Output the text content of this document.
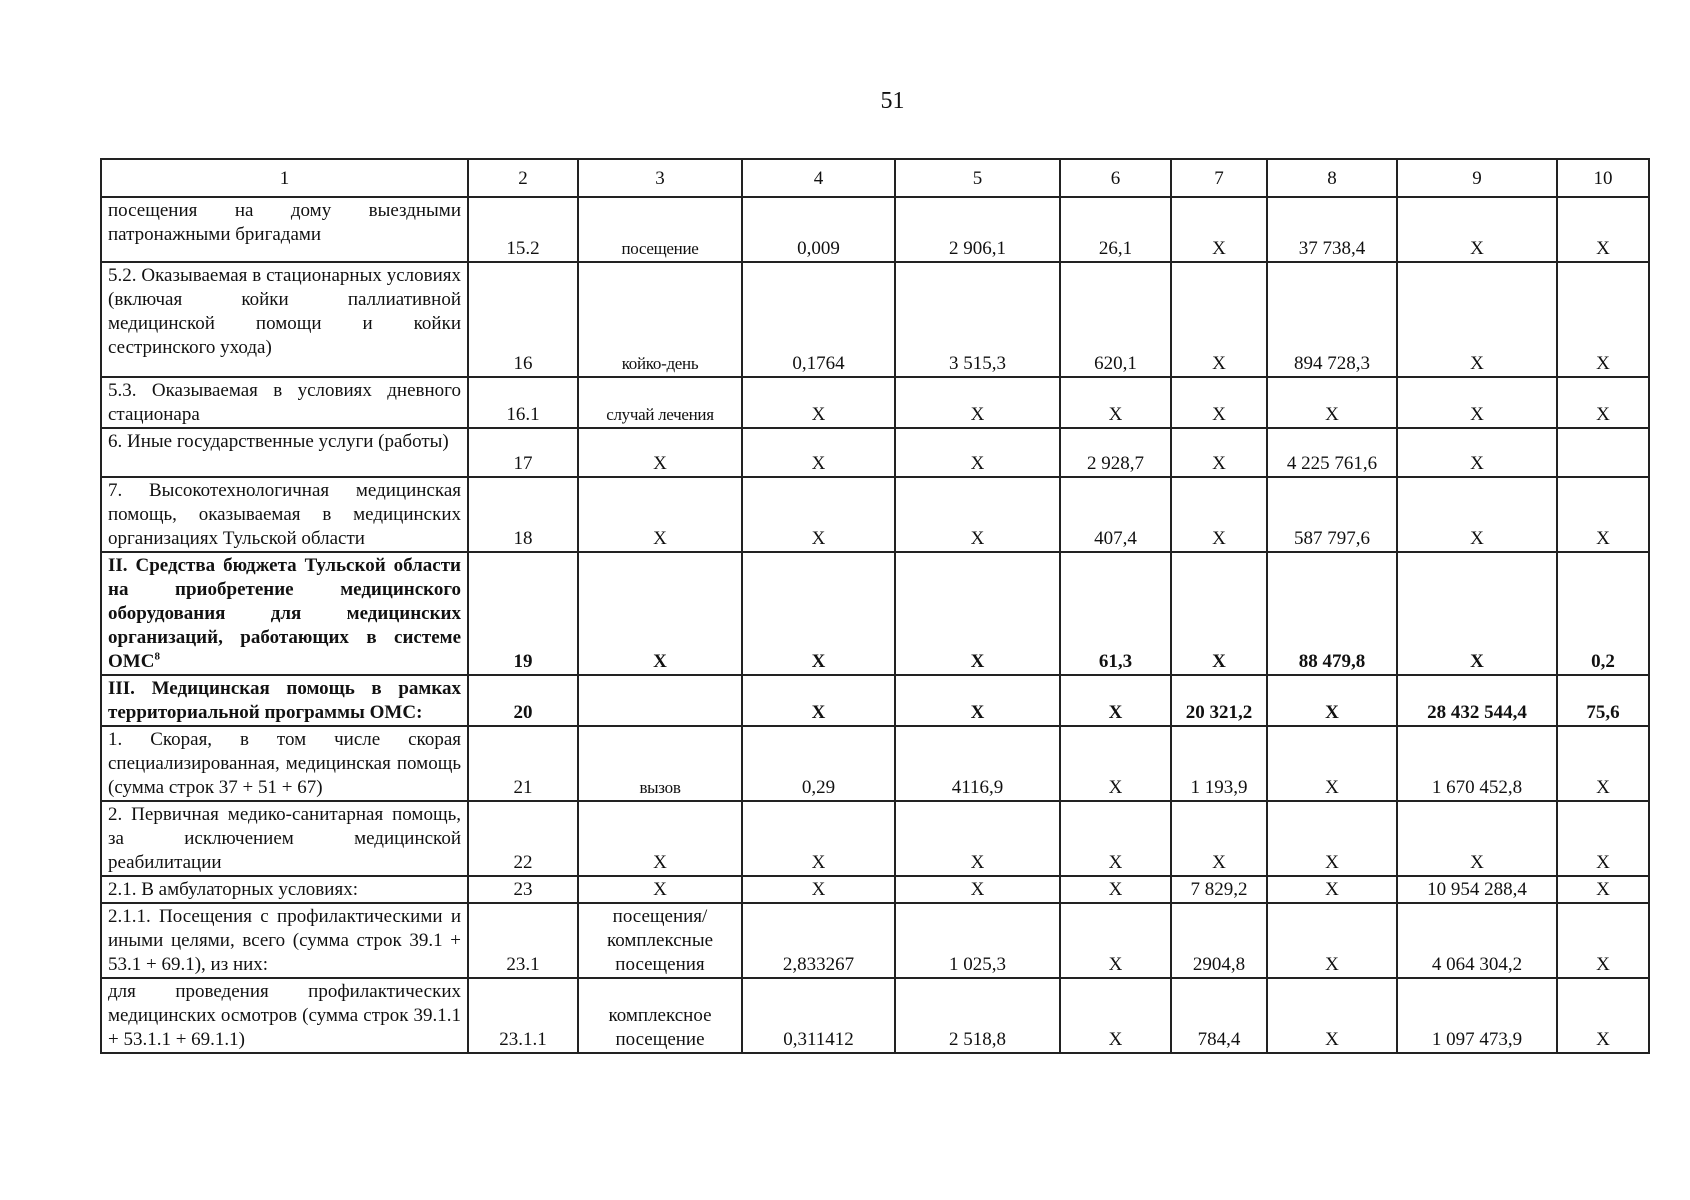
51
1	2	3	4	5	6	7	8	9	10
посещения на дому выездными патронажными бригадами	15.2	посещение	0,009	2 906,1	26,1	X	37 738,4	X	X
5.2. Оказываемая в стационарных условиях (включая койки паллиативной медицинской помощи и койки сестринского ухода)	16	койко-день	0,1764	3 515,3	620,1	X	894 728,3	X	X
5.3. Оказываемая в условиях дневного стационара	16.1	случай лечения	X	X	X	X	X	X	X
6. Иные государственные услуги (работы)	17	X	X	X	2 928,7	X	4 225 761,6	X	
7. Высокотехнологичная медицинская помощь, оказываемая в медицинских организациях Тульской области	18	X	X	X	407,4	X	587 797,6	X	X
II. Средства бюджета Тульской области на приобретение медицинского оборудования для медицинских организаций, работающих в системе ОМС$^8$	19	X	X	X	61,3	X	88 479,8	X	0,2
III. Медицинская помощь в рамках территориальной программы ОМС:	20		X	X	X	20 321,2	X	28 432 544,4	75,6
1. Скорая, в том числе скорая специализированная, медицинская помощь (сумма строк 37 + 51 + 67)	21	вызов	0,29	4116,9	X	1 193,9	X	1 670 452,8	X
2. Первичная медико-санитарная помощь, за исключением медицинской реабилитации	22	X	X	X	X	X	X	X	X
2.1. В амбулаторных условиях:	23	X	X	X	X	7 829,2	X	10 954 288,4	X
2.1.1. Посещения с профилактическими и иными целями, всего (сумма строк 39.1 + 53.1 + 69.1), из них:	23.1	посещения/ комплексные посещения	2,833267	1 025,3	X	2904,8	X	4 064 304,2	X
для проведения профилактических медицинских осмотров (сумма строк 39.1.1 + 53.1.1 + 69.1.1)	23.1.1	комплексное посещение	0,311412	2 518,8	X	784,4	X	1 097 473,9	X
